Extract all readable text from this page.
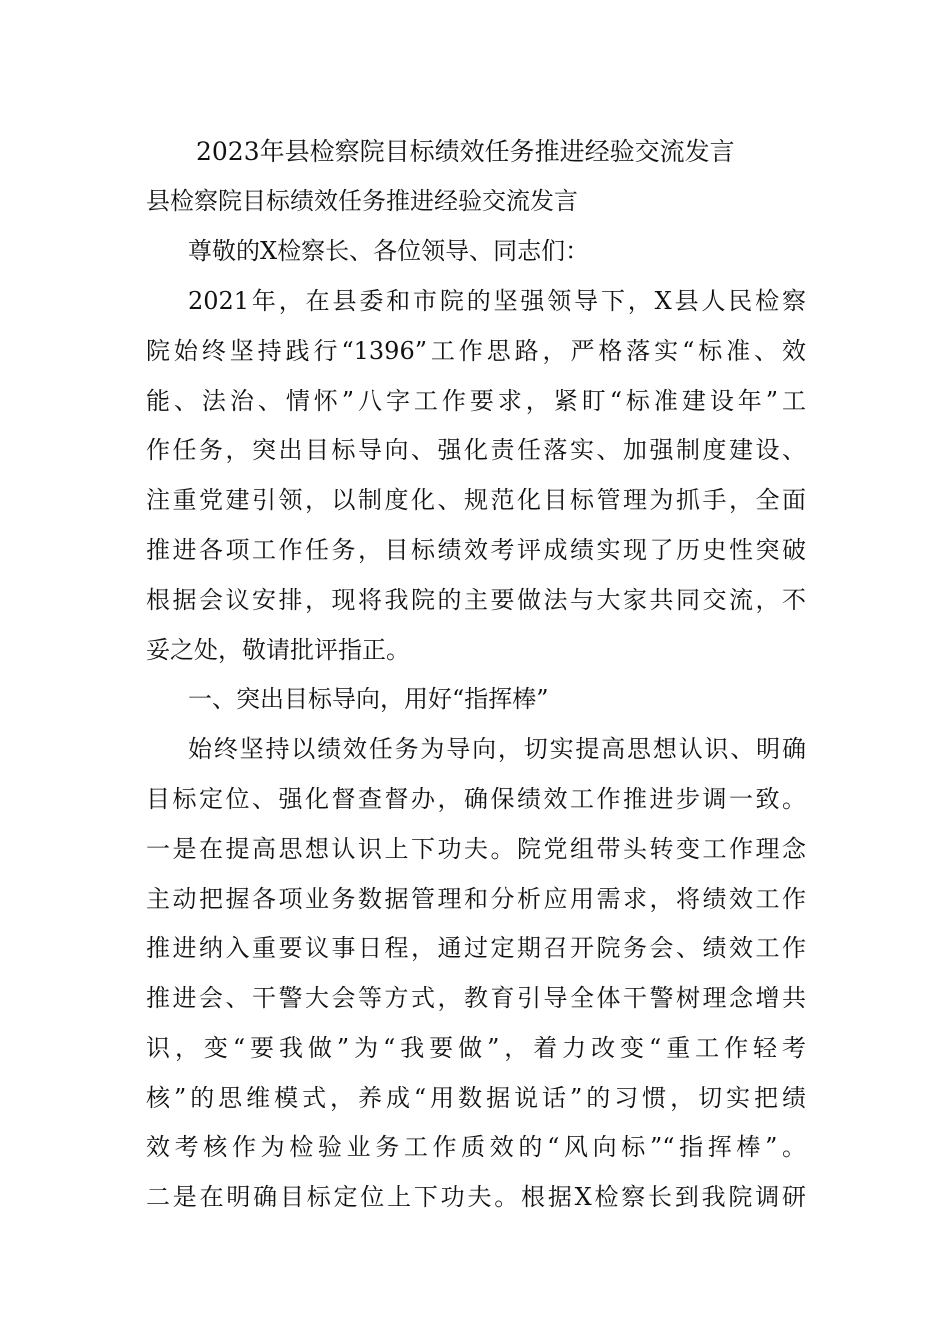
2023年县检察院目标绩效任务推进经验交流发言
县检察院目标绩效任务推进经验交流发言
尊敬的X检察长、各位领导、同志们：
2021年，在县委和市院的坚强领导下，X县人民检察
院始终坚持践行“1396”工作思路，严格落实“标准、效
能、法治、情怀”八字工作要求，紧盯“标准建设年”工
作任务，突出目标导向、强化责任落实、加强制度建设、
注重党建引领，以制度化、规范化目标管理为抓手，全面
推进各项工作任务，目标绩效考评成绩实现了历史性突破
根据会议安排，现将我院的主要做法与大家共同交流，不
妥之处，敬请批评指正。
一、突出目标导向，用好“指挥棒”
始终坚持以绩效任务为导向，切实提高思想认识、明确
目标定位、强化督查督办，确保绩效工作推进步调一致。
一是在提高思想认识上下功夫。院党组带头转变工作理念
主动把握各项业务数据管理和分析应用需求，将绩效工作
推进纳入重要议事日程，通过定期召开院务会、绩效工作
推进会、干警大会等方式，教育引导全体干警树理念增共
识，变“要我做”为“我要做”，着力改变“重工作轻考
核”的思维模式，养成“用数据说话”的习惯，切实把绩
效考核作为检验业务工作质效的“风向标”“指挥棒”。
二是在明确目标定位上下功夫。根据X检察长到我院调研
